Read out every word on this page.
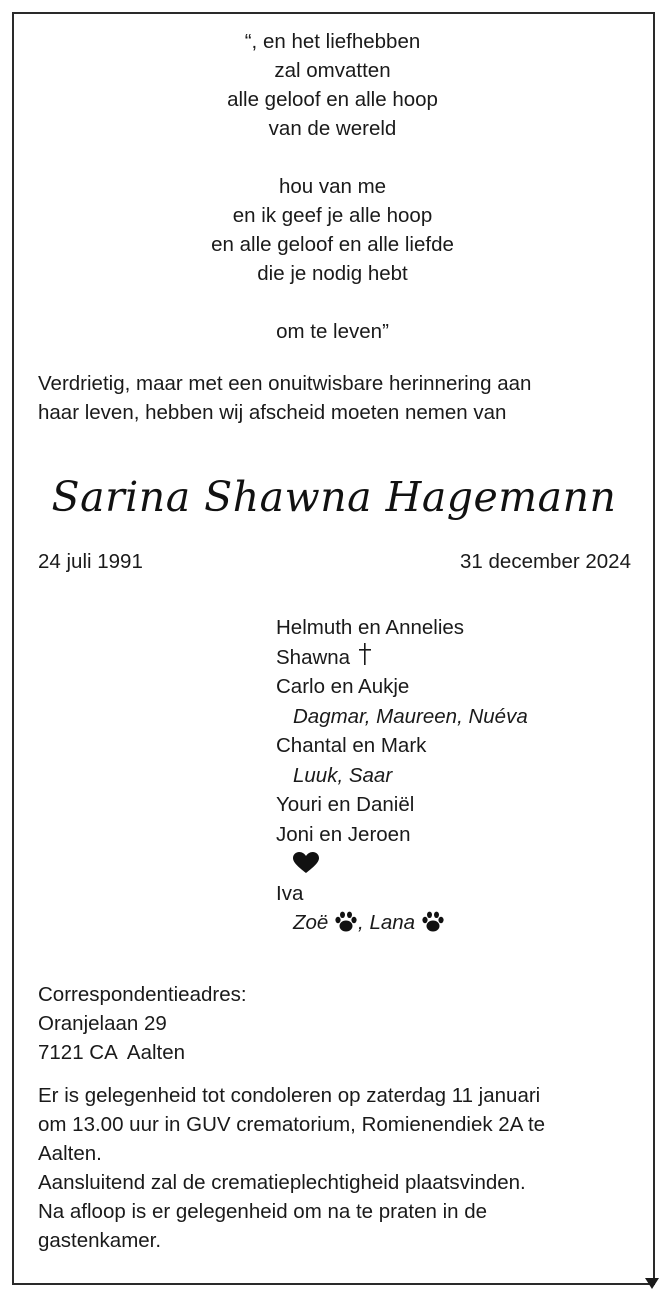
“, en het liefhebben
zal omvatten
alle geloof en alle hoop
van de wereld
hou van me
en ik geef je alle hoop
en alle geloof en alle liefde
die je nodig hebt
om te leven”
Verdrietig, maar met een onuitwisbare herinnering aan
haar leven, hebben wij afscheid moeten nemen van
Sarina Shawna Hagemann
24 juli 1991	31 december 2024
Helmuth en Annelies
Shawna
Carlo en Aukje
Dagmar, Maureen, Nuéva
Chantal en Mark
Luuk, Saar
Youri en Daniël
Joni en Jeroen
Iva
Zoë , Lana
Correspondentieadres:
Oranjelaan 29
7121 CA  Aalten
Er is gelegenheid tot condoleren op zaterdag 11 januari
om 13.00 uur in GUV crematorium, Romienendiek 2A te
Aalten.
Aansluitend zal de crematieplechtigheid plaatsvinden.
Na afloop is er gelegenheid om na te praten in de
gastenkamer.
